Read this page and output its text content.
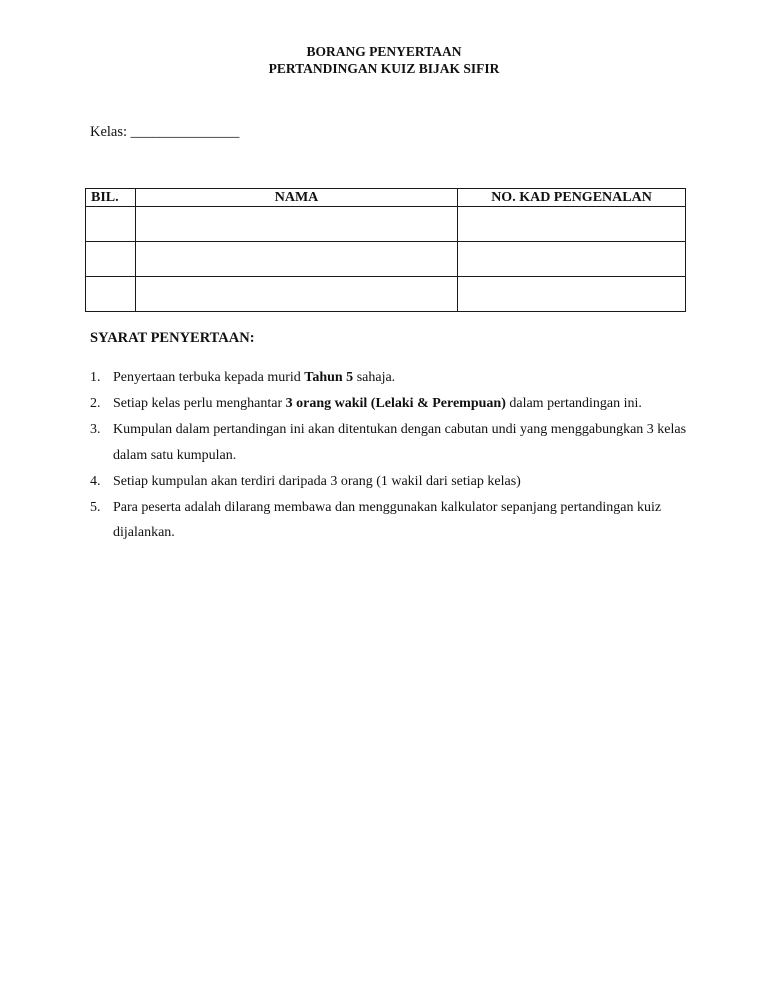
BORANG PENYERTAAN
PERTANDINGAN KUIZ BIJAK SIFIR
Kelas: _______________
BIL.	NAMA	NO. KAD PENGENALAN

SYARAT PENYERTAAN:
1. Penyertaan terbuka kepada murid Tahun 5 sahaja.
2. Setiap kelas perlu menghantar 3 orang wakil (Lelaki & Perempuan) dalam pertandingan ini.
3. Kumpulan dalam pertandingan ini akan ditentukan dengan cabutan undi yang menggabungkan 3 kelas dalam satu kumpulan.
4. Setiap kumpulan akan terdiri daripada 3 orang (1 wakil dari setiap kelas)
5. Para peserta adalah dilarang membawa dan menggunakan kalkulator sepanjang pertandingan kuiz dijalankan.
